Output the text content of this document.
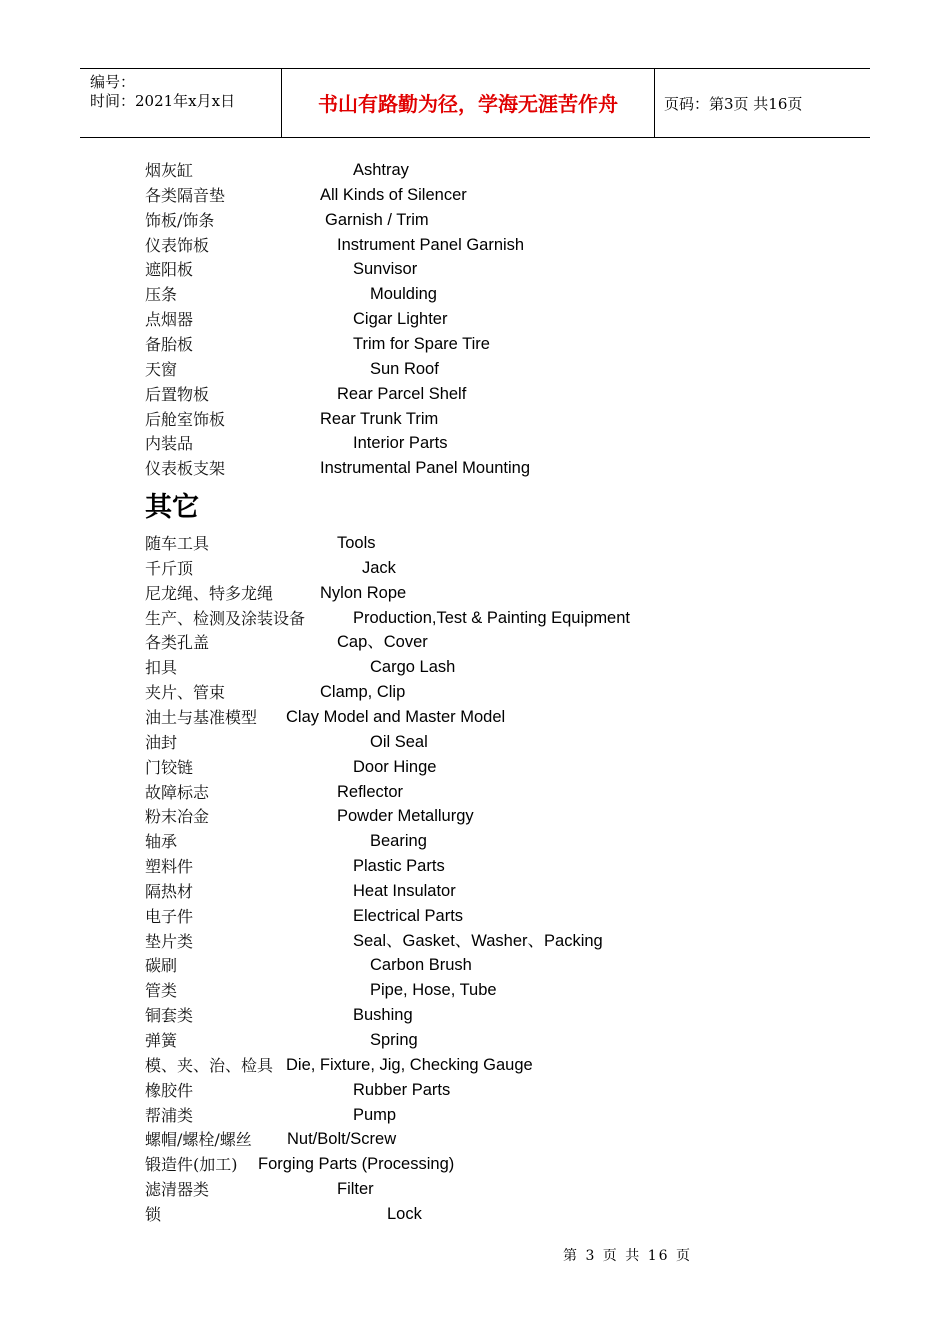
编号：
时间：2021年x月x日	书山有路勤为径，学海无涯苦作舟	页码：第3页 共16页
烟灰缸	Ashtray
各类隔音垫	All Kinds of Silencer
饰板/饰条	Garnish / Trim
仪表饰板	Instrument Panel Garnish
遮阳板	Sunvisor
压条	Moulding
点烟器	Cigar Lighter
备胎板	Trim for Spare Tire
天窗	Sun Roof
后置物板	Rear Parcel Shelf
后舱室饰板	Rear Trunk Trim
内装品	Interior Parts
仪表板支架	Instrumental Panel Mounting
其它
随车工具	Tools
千斤顶	Jack
尼龙绳、特多龙绳	Nylon Rope
生产、检测及涂装设备	Production,Test & Painting Equipment
各类孔盖	Cap、Cover
扣具	Cargo Lash
夹片、管束	Clamp, Clip
油土与基准模型 Clay Model and Master Model
油封	Oil Seal
门铰链	Door Hinge
故障标志	Reflector
粉末冶金	Powder Metallurgy
轴承	Bearing
塑料件	Plastic Parts
隔热材	Heat Insulator
电子件	Electrical Parts
垫片类	Seal、Gasket、Washer、Packing
碳刷	Carbon Brush
管类	Pipe, Hose, Tube
铜套类	Bushing
弹簧	Spring
模、夹、治、检具 Die, Fixture, Jig, Checking Gauge
橡胶件	Rubber Parts
帮浦类	Pump
螺帽/螺栓/螺丝 Nut/Bolt/Screw
锻造件(加工) Forging Parts (Processing)
滤清器类	Filter
锁	Lock
第 3 页 共 16 页
